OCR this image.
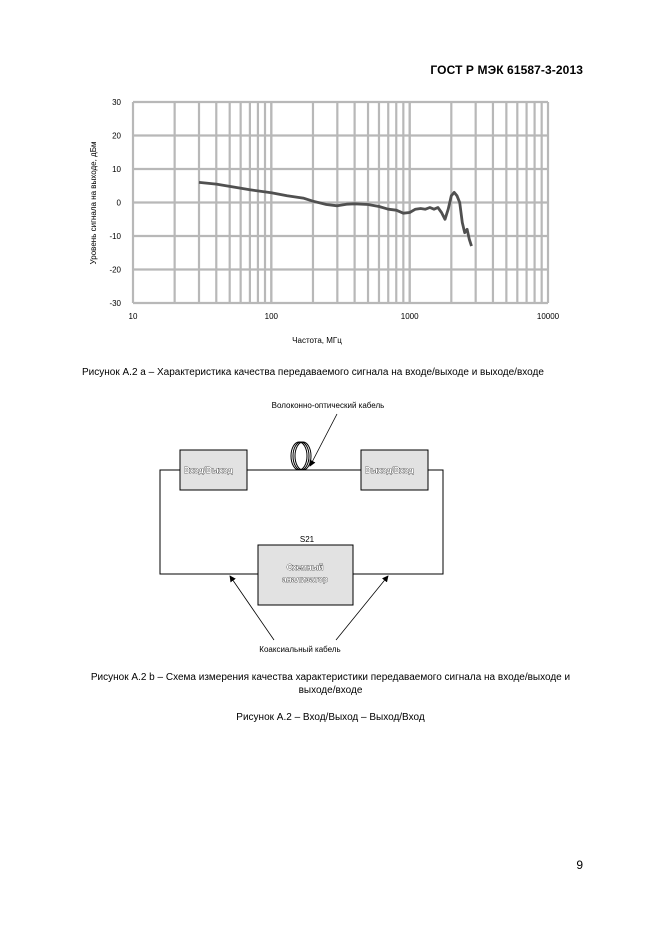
ГОСТ Р МЭК 61587-3-2013
30
20
10
0
-10
-20
-30
10	100	1000	10000
Частота, МГц
Уровень сигнала на выходе, дБм
Рисунок А.2 a – Характеристика качества передаваемого сигнала на входе/выходе и выходе/входе
Вход/Выход	Выход/Вход
S21
Схемный
анализатор
Волоконно-оптический кабель
Коаксиальный кабель
Рисунок А.2 b – Схема измерения качества характеристики передаваемого сигнала на входе/выходе и
выходе/входе
Рисунок А.2 – Вход/Выход – Выход/Вход
9
